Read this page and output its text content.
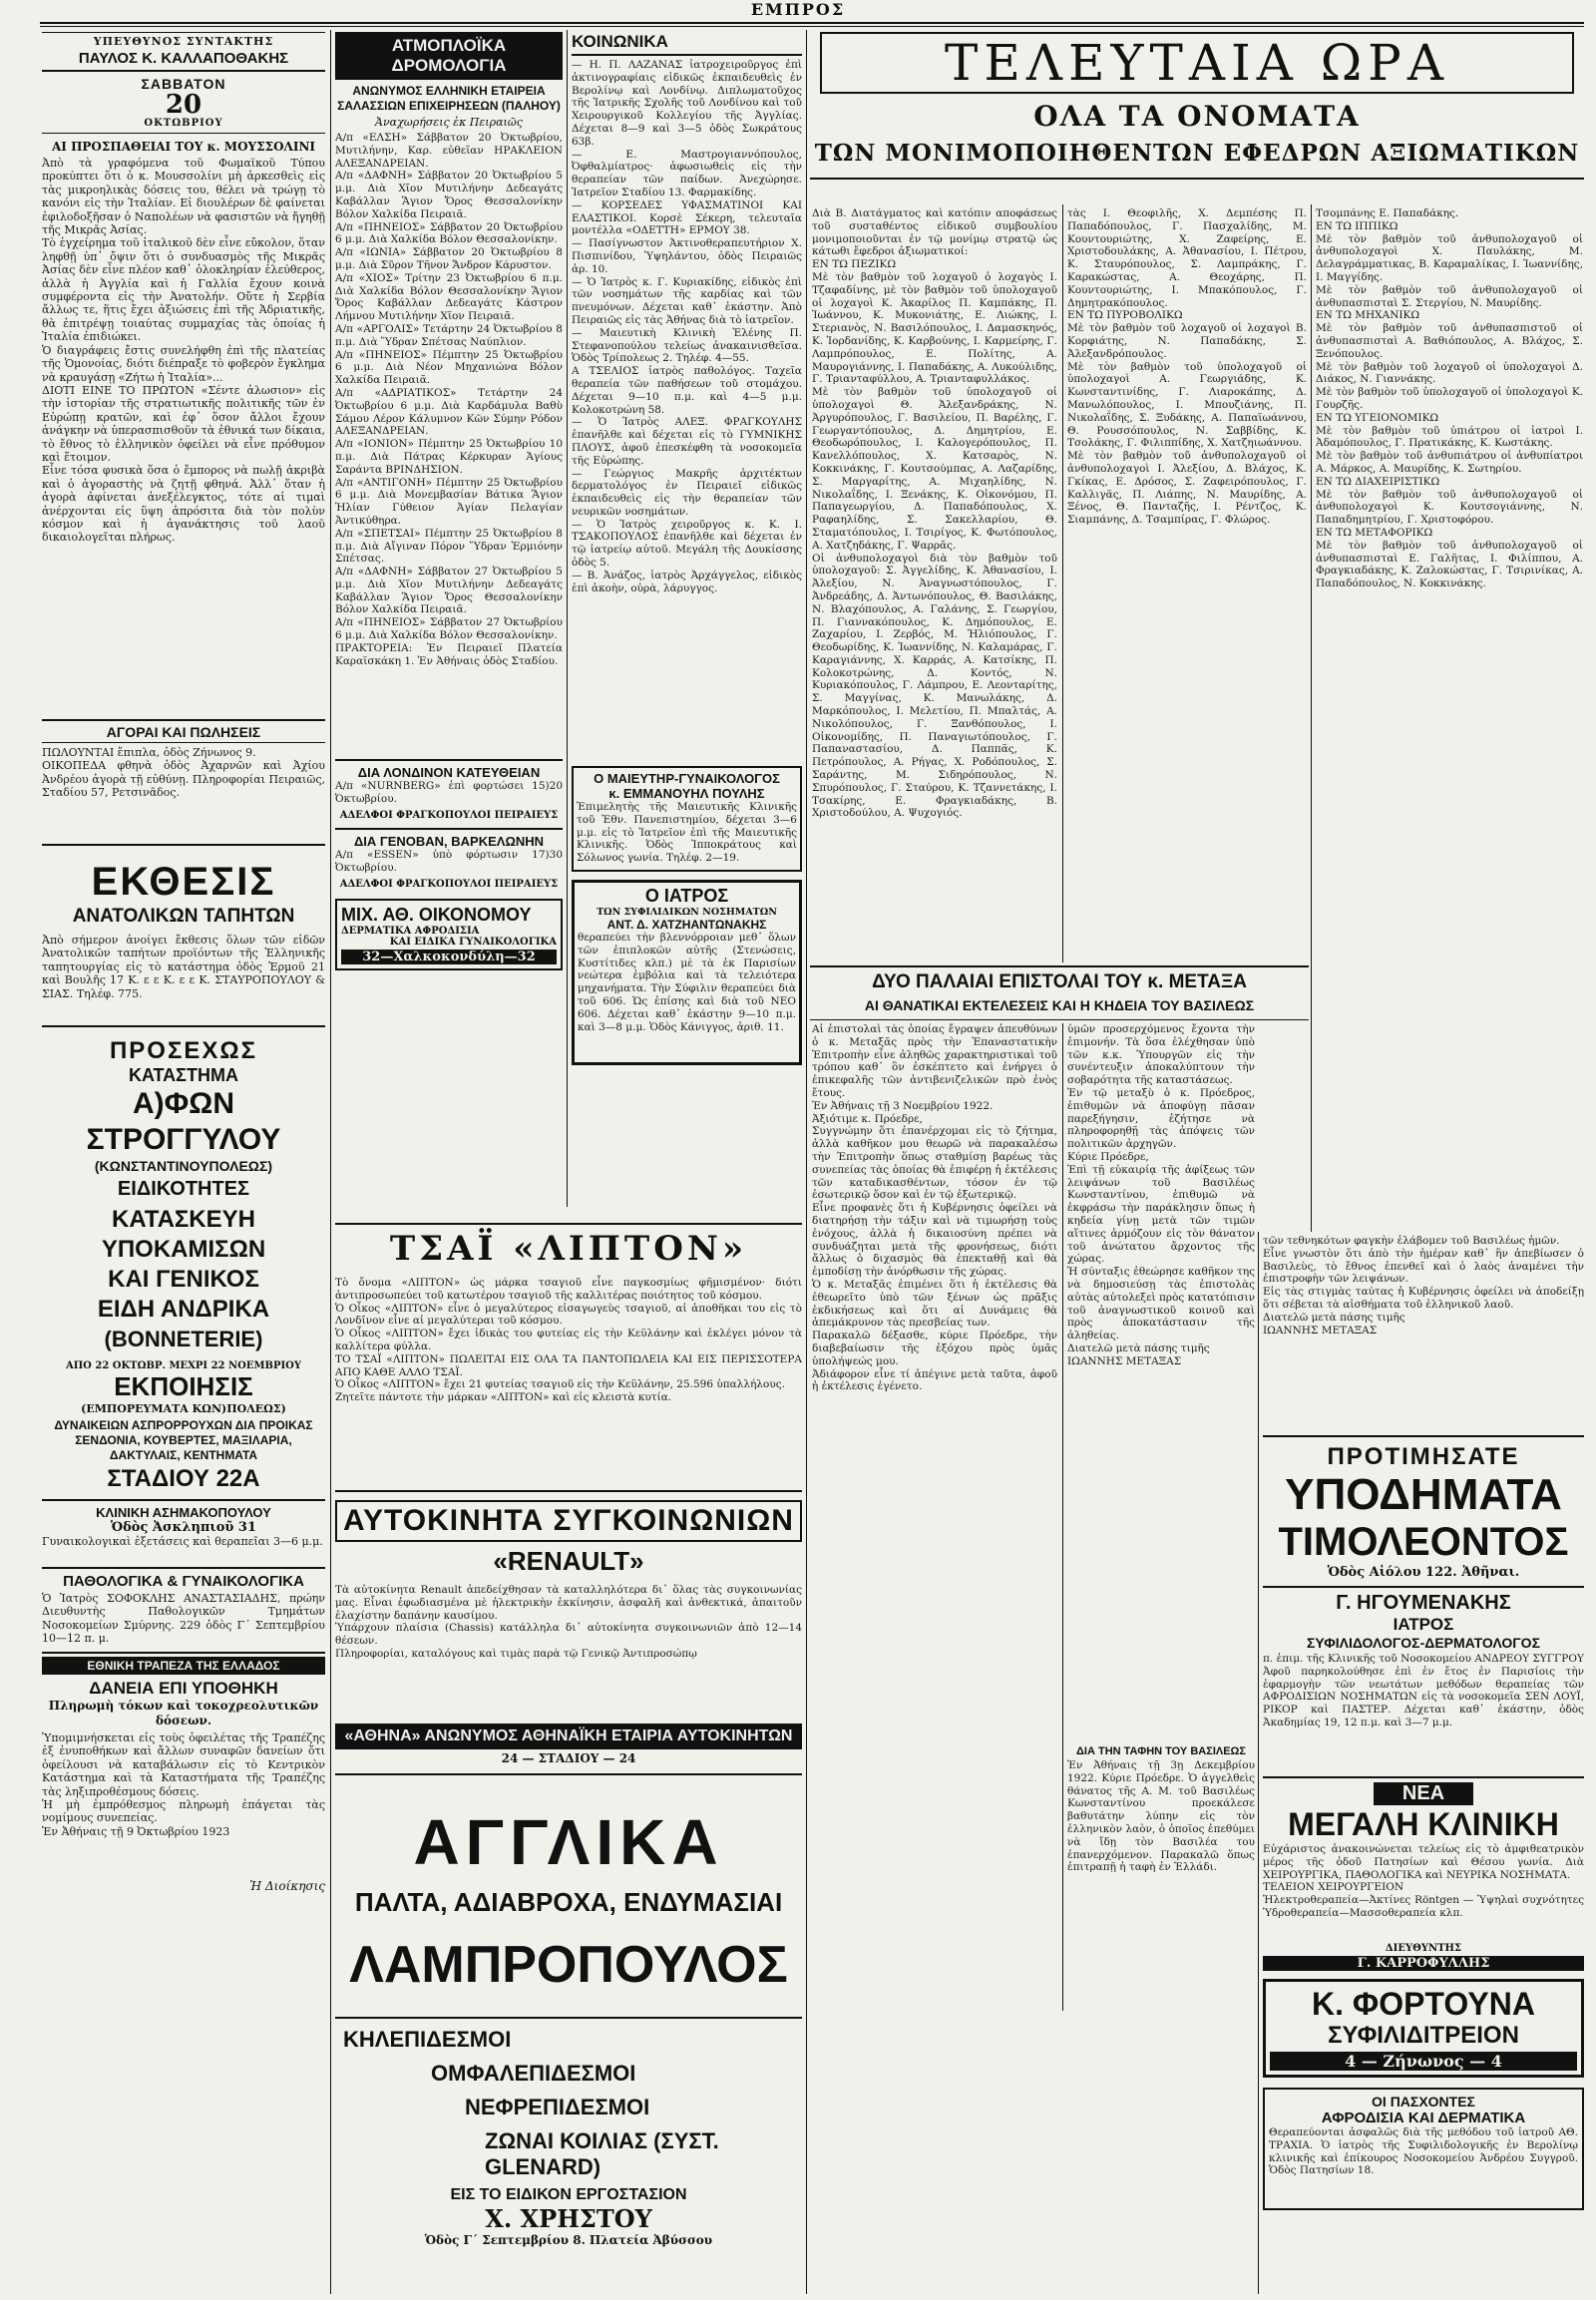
ΕΜΠΡΟΣ
ΥΠΕΥΘΥΝΟΣ ΣΥΝΤΑΚΤΗΣ
ΠΑΥΛΟΣ Κ. ΚΑΛΛΑΠΟΘΑΚΗΣ
ΣΑΒΒΑΤΟΝ
20
ΟΚΤΩΒΡΙΟΥ
ΑΙ ΠΡΟΣΠΑΘΕΙΑΙ ΤΟΥ κ. ΜΟΥΣΣΟΛΙΝΙ
Ἀπὸ τὰ γραφόμενα τοῦ Φωμαϊκοῦ Τύπου προκύπτει ὅτι ὁ κ. Μουσσολίνι μὴ ἀρκεσθεὶς εἰς τὰς μικροηλικὰς δόσεις του, θέλει νὰ τρώγῃ τὸ κανόνι εἰς τὴν Ἰταλίαν. Εἰ διουλέρων δὲ φαίνεται ἐφιλοδοξῆσαν ὁ Ναπολέων νὰ φασιστῶν νὰ ἤγηθῇ τῆς Μικρᾶς Ἀσίας.
Τὸ ἐγχείρημα τοῦ ἰταλικοῦ δὲν εἶνε εὔκολον, ὅταν ληφθῇ ὑπ᾽ ὄψιν ὅτι ὁ συνδυασμὸς τῆς Μικρᾶς Ἀσίας δὲν εἶνε πλέον καθ᾽ ὁλοκληρίαν ἐλεύθερος, ἀλλὰ ἡ Ἀγγλία καὶ ἡ Γαλλία ἔχουν κοινὰ συμφέροντα εἰς τὴν Ἀνατολήν. Οὔτε ἡ Σερβία ἄλλως τε, ἥτις ἔχει ἀξιώσεις ἐπὶ τῆς Ἀδριατικῆς, θὰ ἐπιτρέψῃ τοιαύτας συμμαχίας τὰς ὁποίας ἡ Ἰταλία ἐπιδιώκει.
Ὁ διαγράφεις ἔστις συνελήφθη ἐπὶ τῆς πλατείας τῆς Ὁμονοίας, διότι διέπραξε τὸ φοβερὸν ἔγκλημα νὰ κραυγάσῃ «Ζήτω ἡ Ἰταλία»...
ΔΙΟΤΙ ΕΙΝΕ ΤΟ ΠΡΩΤΟΝ «Σέντε ἀλωσιον» εἰς τὴν ἱστορίαν τῆς στρατιωτικῆς πολιτικῆς τῶν ἐν Εὐρώπῃ κρατῶν, καὶ ἐφ᾽ ὅσον ἄλλοι ἔχουν ἀνάγκην νὰ ὑπερασπισθοῦν τὰ ἐθνικά των δίκαια, τὸ ἔθνος τὸ ἑλληνικὸν ὀφείλει νὰ εἶνε πρόθυμον καὶ ἕτοιμον.
Εἶνε τόσα φυσικὰ ὅσα ὁ ἔμπορος νὰ πωλῇ ἀκριβὰ καὶ ὁ ἀγοραστὴς νὰ ζητῇ φθηνά. Ἀλλ᾽ ὅταν ἡ ἀγορὰ ἀφίνεται ἀνεξέλεγκτος, τότε αἱ τιμαὶ ἀνέρχονται εἰς ὕψη ἀπρόσιτα διὰ τὸν πολὺν κόσμον καὶ ἡ ἀγανάκτησις τοῦ λαοῦ δικαιολογεῖται πλήρως.
ΑΓΟΡΑΙ ΚΑΙ ΠΩΛΗΣΕΙΣ
ΠΩΛΟΥΝΤΑΙ ἔπιπλα, ὁδὸς Ζήνωνος 9.
ΟΙΚΟΠΕΔΑ φθηνὰ ὁδὸς Ἀχαρνῶν καὶ Ἀχίου Ἀνδρέου ἀγορὰ τῇ εὐθύνῃ. Πληροφορίαι Πειραιῶς, Σταδίου 57, Ρετσινᾶδος.
ΕΚΘΕΣΙΣ
ΑΝΑΤΟΛΙΚΩΝ ΤΑΠΗΤΩΝ
Ἀπὸ σήμερον ἀνοίγει ἔκθεσις ὅλων τῶν εἰδῶν Ἀνατολικῶν ταπήτων προϊόντων τῆς Ἑλληνικῆς ταπητουργίας εἰς τὸ κατάστημα ὁδὸς Ἑρμοῦ 21 καὶ Βουλῆς 17 Κ. ε ε Κ. ε ε Κ. ΣΤΑΥΡΟΠΟΥΛΟΥ & ΣΙΑΣ. Τηλέφ. 775.
ΠΡΟΣΕΧΩΣ
ΚΑΤΑΣΤΗΜΑ
Α)ΦΩΝ ΣΤΡΟΓΓΥΛΟΥ
(ΚΩΝΣΤΑΝΤΙΝΟΥΠΟΛΕΩΣ)
ΕΙΔΙΚΟΤΗΤΕΣ
ΚΑΤΑΣΚΕΥΗ
ΥΠΟΚΑΜΙΣΩΝ
ΚΑΙ ΓΕΝΙΚΟΣ
ΕΙΔΗ ΑΝΔΡΙΚΑ
(BONNETERIE)
ΑΠΟ 22 ΟΚΤΩΒΡ. ΜΕΧΡΙ 22 ΝΟΕΜΒΡΙΟΥ
ΕΚΠΟΙΗΣΙΣ
(ΕΜΠΟΡΕΥΜΑΤΑ ΚΩΝ)ΠΟΛΕΩΣ)
ΔΥΝΑΙΚΕΙΩΝ ΑΣΠΡΟΡΡΟΥΧΩΝ ΔΙΑ ΠΡΟΙΚΑΣ ΣΕΝΔΟΝΙΑ, ΚΟΥΒΕΡΤΕΣ, ΜΑΞΙΛΑΡΙΑ, ΔΑΚΤΥΛΑΙΣ, ΚΕΝΤΗΜΑΤΑ
ΣΤΑΔΙΟΥ 22Α
ΚΛΙΝΙΚΗ ΑΣΗΜΑΚΟΠΟΥΛΟΥ
Ὁδὸς Ἀσκληπιοῦ 31
Γυναικολογικαὶ ἐξετάσεις καὶ θεραπεῖαι 3—6 μ.μ.
ΠΑΘΟΛΟΓΙΚΑ & ΓΥΝΑΙΚΟΛΟΓΙΚΑ
Ὁ Ἰατρὸς ΣΟΦΟΚΛΗΣ ΑΝΑΣΤΑΣΙΑΔΗΣ, πρώην Διευθυντὴς Παθολογικῶν Τμημάτων Νοσοκομείων Σμύρνης. 229 ὁδὸς Γ´ Σεπτεμβρίου 10—12 π. μ.
ΕΘΝΙΚΗ ΤΡΑΠΕΖΑ ΤΗΣ ΕΛΛΑΔΟΣ
ΔΑΝΕΙΑ ΕΠΙ ΥΠΟΘΗΚΗ
Πληρωμὴ τόκων καὶ τοκοχρεολυτικῶν δόσεων.
Ὑπομιμνήσκεται εἰς τοὺς ὀφειλέτας τῆς Τραπέζης ἐξ ἐνυποθήκων καὶ ἄλλων συναφῶν δανείων ὅτι ὀφείλουσι νὰ καταβάλωσιν εἰς τὸ Κεντρικὸν Κατάστημα καὶ τὰ Καταστήματα τῆς Τραπέζης τὰς ληξιπροθέσμους δόσεις.
Ἡ μὴ ἐμπρόθεσμος πληρωμὴ ἐπάγεται τὰς νομίμους συνεπείας.
Ἐν Ἀθήναις τῇ 9 Ὀκτωβρίου 1923
Ἡ Διοίκησις
ΑΤΜΟΠΛΟΪΚΑ ΔΡΟΜΟΛΟΓΙΑ
ΑΝΩΝΥΜΟΣ ΕΛΛΗΝΙΚΗ ΕΤΑΙΡΕΙΑ ΣΑΛΑΣΣΙΩΝ ΕΠΙΧΕΙΡΗΣΕΩΝ (ΠΑΛΗΟΥ)
Ἀναχωρήσεις ἐκ Πειραιῶς
Α/π «ΕΛΣΗ» Σάββατον 20 Ὀκτωβρίου, Μυτιλήνην, Καρ. εὐθεῖαν ΗΡΑΚΛΕΙΟΝ ΑΛΕΞΑΝΔΡΕΙΑΝ.
Α/π «ΔΑΦΝΗ» Σάββατον 20 Ὀκτωβρίου 5 μ.μ. Διὰ Χῖον Μυτιλήνην Δεδεαγάτς Καβάλλαν Ἅγιον Ὄρος Θεσσαλονίκην Βόλον Χαλκίδα Πειραιᾶ.
Α/π «ΠΗΝΕΙΟΣ» Σάββατον 20 Ὀκτωβρίου 6 μ.μ. Διὰ Χαλκίδα Βόλον Θεσσαλονίκην.
Α/π «ΙΩΝΙΑ» Σάββατον 20 Ὀκτωβρίου 8 μ.μ. Διὰ Σῦρον Τῆνον Ἄνδρον Κάρυστον.
Α/π «ΧΙΟΣ» Τρίτην 23 Ὀκτωβρίου 6 π.μ. Διὰ Χαλκίδα Βόλον Θεσσαλονίκην Ἅγιον Ὄρος Καβάλλαν Δεδεαγάτς Κάστρον Λήμνου Μυτιλήνην Χῖον Πειραιᾶ.
Α/π «ΑΡΓΟΛΙΣ» Τετάρτην 24 Ὀκτωβρίου 8 π.μ. Διὰ Ὕδραν Σπέτσας Ναύπλιον.
Α/π «ΠΗΝΕΙΟΣ» Πέμπτην 25 Ὀκτωβρίου 6 μ.μ. Διὰ Νέον Μηχανιώνα Βόλον Χαλκίδα Πειραιᾶ.
Α/π «ΑΔΡΙΑΤΙΚΟΣ» Τετάρτην 24 Ὀκτωβρίου 6 μ.μ. Διὰ Καρδάμυλα Βαθὺ Σάμου Λέρον Κάλυμνον Κῶν Σύμην Ρόδον ΑΛΕΞΑΝΔΡΕΙΑΝ.
Α/π «ΙΟΝΙΟΝ» Πέμπτην 25 Ὀκτωβρίου 10 π.μ. Διὰ Πάτρας Κέρκυραν Ἁγίους Σαράντα ΒΡΙΝΔΗΣΙΟΝ.
Α/π «ΑΝΤΙΓΟΝΗ» Πέμπτην 25 Ὀκτωβρίου 6 μ.μ. Διὰ Μονεμβασίαν Βάτικα Ἅγιον Ἠλίαν Γύθειον Ἀγίαν Πελαγίαν Ἀντικύθηρα.
Α/π «ΣΠΕΤΣΑΙ» Πέμπτην 25 Ὀκτωβρίου 8 π.μ. Διὰ Αἴγιναν Πόρον Ὕδραν Ἑρμιόνην Σπέτσας.
Α/π «ΔΑΦΝΗ» Σάββατον 27 Ὀκτωβρίου 5 μ.μ. Διὰ Χῖον Μυτιλήνην Δεδεαγάτς Καβάλλαν Ἅγιον Ὄρος Θεσσαλονίκην Βόλον Χαλκίδα Πειραιᾶ.
Α/π «ΠΗΝΕΙΟΣ» Σάββατον 27 Ὀκτωβρίου 6 μ.μ. Διὰ Χαλκίδα Βόλον Θεσσαλονίκην.
ΠΡΑΚΤΟΡΕΙΑ: Ἐν Πειραιεῖ Πλατεία Καραϊσκάκη 1. Ἐν Ἀθήναις ὁδὸς Σταδίου.
ΔΙΑ ΛΟΝΔΙΝΟΝ ΚΑΤΕΥΘΕΙΑΝ
Α/π «NURNBERG» ἐπὶ φορτώσει 15)20 Ὀκτωβρίου.
ΑΔΕΛΦΟΙ ΦΡΑΓΚΟΠΟΥΛΟΙ ΠΕΙΡΑΙΕΥΣ
ΔΙΑ ΓΕΝΟΒΑΝ, ΒΑΡΚΕΛΩΝΗΝ
Α/π «ESSEN» ὑπὸ φόρτωσιν 17)30 Ὀκτωβρίου.
ΑΔΕΛΦΟΙ ΦΡΑΓΚΟΠΟΥΛΟΙ ΠΕΙΡΑΙΕΥΣ
ΜΙΧ. ΑΘ. ΟΙΚΟΝΟΜΟΥ
ΔΕΡΜΑΤΙΚΑ ΑΦΡΟΔΙΣΙΑ
ΚΑΙ ΕΙΔΙΚΑ ΓΥΝΑΙΚΟΛΟΓΙΚΑ
32—Χαλκοκονδύλη—32
ΚΟΙΝΩΝΙΚΑ
— Η. Π. ΛΑΖΑΝΑΣ ἰατροχειροῦργος ἐπὶ ἀκτινογραφίαις εἰδικῶς ἐκπαιδευθεὶς ἐν Βερολίνῳ καὶ Λονδίνῳ. Διπλωματοῦχος τῆς Ἰατρικῆς Σχολῆς τοῦ Λονδίνου καὶ τοῦ Χειρουργικοῦ Κολλεγίου τῆς Ἀγγλίας. Δέχεται 8—9 καὶ 3—5 ὁδὸς Σωκράτους 63β.
— Ε. Μαστρογιαννόπουλος, Ὀφθαλμίατρος· ἀφωσιωθεὶς εἰς τὴν θεραπείαν τῶν παίδων. Ἀνεχώρησε. Ἰατρεῖον Σταδίου 13. Φαρμακίδης.
— ΚΟΡΣΕΔΕΣ ΥΦΑΣΜΑΤΙΝΟΙ ΚΑΙ ΕΛΑΣΤΙΚΟΙ. Κορσὲ Σέκερη, τελευταῖα μοντέλλα «ΟΔΕΤΤΗ» ΕΡΜΟΥ 38.
— Πασίγνωστον Ἀκτινοθεραπευτήριον Χ. Πισπινίδου, Ὑψηλάντου, ὁδὸς Πειραιῶς ἀρ. 10.
— Ὁ Ἰατρὸς κ. Γ. Κυριακίδης, εἰδικὸς ἐπὶ τῶν νοσημάτων τῆς καρδίας καὶ τῶν πνευμόνων. Δέχεται καθ᾽ ἑκάστην. Ἀπὸ Πειραιῶς εἰς τὰς Ἀθήνας διὰ τὸ ἰατρεῖον.
— Μαιευτικὴ Κλινικὴ Ἑλένης Π. Στεφανοπούλου τελείως ἀνακαινισθεῖσα. Ὁδὸς Τρίπολεως 2. Τηλέφ. 4—55.
Α ΤΣΕΛΙΟΣ ἰατρὸς παθολόγος. Ταχεῖα θεραπεία τῶν παθήσεων τοῦ στομάχου. Δέχεται 9—10 π.μ. καὶ 4—5 μ.μ. Κολοκοτρώνη 58.
— Ὁ Ἰατρὸς ΑΛΕΞ. ΦΡΑΓΚΟΥΛΗΣ ἐπανῆλθε καὶ δέχεται εἰς τὸ ΓΥΜΝΙΚΗΣ ΠΛΟΥΣ, ἀφοῦ ἐπεσκέφθη τὰ νοσοκομεῖα τῆς Εὐρώπης.
— Γεώργιος Μακρῆς ἀρχιτέκτων δερματολόγος ἐν Πειραιεῖ εἰδικῶς ἐκπαιδευθεὶς εἰς τὴν θεραπείαν τῶν νευρικῶν νοσημάτων.
— Ὁ Ἰατρὸς χειροῦργος κ. Κ. Ι. ΤΣΑΚΟΠΟΥΛΟΣ ἐπανῆλθε καὶ δέχεται ἐν τῷ ἰατρείῳ αὐτοῦ. Μεγάλη τῆς Δουκίσσης ὁδὸς 5.
— Β. Ἀνάζος, ἰατρὸς Ἀρχάγγελος, εἰδικὸς ἐπὶ ἀκοὴν, οὐρὰ, λάρυγγος.
Ο ΜΑΙΕΥΤΗΡ-ΓΥΝΑΙΚΟΛΟΓΟΣ
κ. ΕΜΜΑΝΟΥΗΛ ΠΟΥΛΗΣ
Ἐπιμελητὴς τῆς Μαιευτικῆς Κλινικῆς τοῦ Ἐθν. Πανεπιστημίου, δέχεται 3—6 μ.μ. εἰς τὸ Ἰατρεῖον ἐπὶ τῆς Μαιευτικῆς Κλινικῆς. Ὁδὸς Ἱπποκράτους καὶ Σόλωνος γωνία. Τηλέφ. 2—19.
Ο ΙΑΤΡΟΣ
ΤΩΝ ΣΥΦΙΛΙΔΙΚΩΝ ΝΟΣΗΜΑΤΩΝ
ΑΝΤ. Δ. ΧΑΤΖΗΑΝΤΩΝΑΚΗΣ
θεραπεύει τὴν βλεννόρροιαν μεθ᾽ ὅλων τῶν ἐπιπλοκῶν αὐτῆς (Στενώσεις, Κυστίτιδες κλπ.) μὲ τὰ ἐκ Παρισίων νεώτερα ἐμβόλια καὶ τὰ τελειότερα μηχανήματα. Τὴν Σύφιλιν θεραπεύει διὰ τοῦ 606. Ὡς ἐπίσης καὶ διὰ τοῦ ΝΕΟ 606. Δέχεται καθ᾽ ἑκάστην 9—10 π.μ. καὶ 3—8 μ.μ. Ὁδὸς Κάνιγγος, ἀριθ. 11.
ΤΕΛΕΥΤΑΙΑ ΩΡΑ
ΟΛΑ ΤΑ ΟΝΟΜΑΤΑ
ΤΩΝ ΜΟΝΙΜΟΠΟΙΗΘΕΝΤΩΝ ΕΦΕΔΡΩΝ ΑΞΙΩΜΑΤΙΚΩΝ
Διὰ Β. Διατάγματος καὶ κατόπιν αποφάσεως τοῦ συσταθέντος εἰδικοῦ συμβουλίου μονιμοποιοῦνται ἐν τῷ μονίμῳ στρατῷ ὡς κάτωθι ἔφεδροι ἀξιωματικοί:
ΕΝ ΤΩ ΠΕΖΙΚΩ
Μὲ τὸν βαθμὸν τοῦ λοχαγοῦ ὁ λοχαγὸς Ι. Τζαφαδίνης, μὲ τὸν βαθμὸν τοῦ ὑπολοχαγοῦ οἱ λοχαγοὶ Κ. Ἀκαρίλος Π. Καμπάκης, Π. Ἰωάννου, Κ. Μυκονιάτης, Ε. Λιώκης, Ι. Στεριανὸς, Ν. Βασιλόπουλος, Ι. Δαμασκηνός, Κ. Ἰορδανίδης, Κ. Καρβούνης, Ι. Καρμείρης, Γ. Λαμπρόπουλος, Ε. Πολίτης, Α. Μαυρογιάννης, Ι. Παπαδάκης, Α. Λυκούλιδης, Γ. Τριανταφύλλου, Α. Τριανταφυλλάκος.
Μὲ τὸν βαθμὸν τοῦ ὑπολοχαγοῦ οἱ ὑπολοχαγοὶ Θ. Ἀλεξανδράκης, Ν. Ἀργυρόπουλος, Γ. Βασιλείου, Π. Βαρέλης, Γ. Γεωργαντόπουλος, Δ. Δημητρίου, Ε. Θεοδωρόπουλος, Ι. Καλογερόπουλος, Π. Κανελλόπουλος, Χ. Κατσαρὸς, Ν. Κοκκινάκης, Γ. Κουτσούμπας, Α. Λαζαρίδης, Σ. Μαργαρίτης, Α. Μιχαηλίδης, Ν. Νικολαΐδης, Ι. Ξενάκης, Κ. Οἰκονόμου, Π. Παπαγεωργίου, Δ. Παπαδόπουλος, Χ. Ραφαηλίδης, Σ. Σακελλαρίου, Θ. Σταματόπουλος, Ι. Τσιρίγος, Κ. Φωτόπουλος, Α. Χατζηδάκης, Γ. Ψαρρᾶς.
Οἱ ἀνθυπολοχαγοὶ διὰ τὸν βαθμὸν τοῦ ὑπολοχαγοῦ: Σ. Ἀγγελίδης, Κ. Ἀθανασίου, Ι. Ἀλεξίου, Ν. Ἀναγνωστόπουλος, Γ. Ἀνδρεάδης, Δ. Ἀντωνόπουλος, Θ. Βασιλάκης, Ν. Βλαχόπουλος, Α. Γαλάνης, Σ. Γεωργίου, Π. Γιαννακόπουλος, Κ. Δημόπουλος, Ε. Ζαχαρίου, Ι. Ζερβός, Μ. Ἠλιόπουλος, Γ. Θεοδωρίδης, Κ. Ἰωαννίδης, Ν. Καλαμάρας, Γ. Καραγιάννης, Χ. Καρράς, Α. Κατσίκης, Π. Κολοκοτρώνης, Δ. Κοντός, Ν. Κυριακόπουλος, Γ. Λάμπρου, Ε. Λεονταρίτης, Σ. Μαγγίνας, Κ. Μανωλάκης, Δ. Μαρκόπουλος, Ι. Μελετίου, Π. Μπαλτάς, Α. Νικολόπουλος, Γ. Ξανθόπουλος, Ι. Οἰκονομίδης, Π. Παναγιωτόπουλος, Γ. Παπαναστασίου, Δ. Παππᾶς, Κ. Πετρόπουλος, Α. Ρήγας, Χ. Ροδόπουλος, Σ. Σαράντης, Μ. Σιδηρόπουλος, Ν. Σπυρόπουλος, Γ. Σταύρου, Κ. Τζαννετάκης, Ι. Τσακίρης, Ε. Φραγκιαδάκης, Β. Χριστοδούλου, Α. Ψυχογιός.
τὰς Ι. Θεοφιλῆς, Χ. Δεμπέσης Π. Παπαδόπουλος, Γ. Πασχαλίδης, Μ. Κουντουριώτης, Χ. Ζαφείρης, Ε. Χριστοδουλάκης, Α. Ἀθανασίου, Ι. Πέτρου, Κ. Σταυρόπουλος, Σ. Λαμπράκης, Γ. Καρακώστας, Α. Θεοχάρης, Π. Κουντουριώτης, Ι. Μπακόπουλος, Γ. Δημητρακόπουλος.
ΕΝ ΤΩ ΠΥΡΟΒΟΛΙΚΩ
Μὲ τὸν βαθμὸν τοῦ λοχαγοῦ οἱ λοχαγοὶ Β. Κορφιάτης, Ν. Παπαδάκης, Σ. Ἀλεξανδρόπουλος.
Μὲ τὸν βαθμὸν τοῦ ὑπολοχαγοῦ οἱ ὑπολοχαγοὶ Α. Γεωργιάδης, Κ. Κωνσταντινίδης, Γ. Λιαροκάπης, Δ. Μανωλόπουλος, Ι. Μπουζιάνης, Π. Νικολαΐδης, Σ. Ξυδάκης, Α. Παπαϊωάννου, Θ. Ρουσσόπουλος, Ν. Σαββίδης, Κ. Τσολάκης, Γ. Φιλιππίδης, Χ. Χατζηιωάννου.
Μὲ τὸν βαθμὸν τοῦ ἀνθυπολοχαγοῦ οἱ ἀνθυπολοχαγοὶ Ι. Ἀλεξίου, Δ. Βλάχος, Κ. Γκίκας, Ε. Δρόσος, Σ. Ζαφειρόπουλος, Γ. Καλλιγᾶς, Π. Λιάπης, Ν. Μαυρίδης, Α. Ξένος, Θ. Πανταζῆς, Ι. Ρέντζος, Κ. Σιαμπάνης, Δ. Τσαμπίρας, Γ. Φλώρος.
Τσομπάνης Ε. Παπαδάκης.
ΕΝ ΤΩ ΙΠΠΙΚΩ
Μὲ τὸν βαθμὸν τοῦ ἀνθυπολοχαγοῦ οἱ ἀνθυπολοχαγοὶ Χ. Παυλάκης, Μ. Δελαγράμματικας, Β. Καραμαλίκας, Ι. Ἰωαννίδης, Ι. Μαγγίδης.
Μὲ τὸν βαθμὸν τοῦ ἀνθυπολοχαγοῦ οἱ ἀνθυπασπισταὶ Σ. Στεργίου, Ν. Μαυρίδης.
ΕΝ ΤΩ ΜΗΧΑΝΙΚΩ
Μὲ τὸν βαθμὸν τοῦ ἀνθυπασπιστοῦ οἱ ἀνθυπασπισταὶ Α. Βαθιόπουλος, Α. Βλάχος, Σ. Ξενόπουλος.
Μὲ τὸν βαθμὸν τοῦ λοχαγοῦ οἱ ὑπολοχαγοὶ Δ. Διάκος, Ν. Γιαννάκης.
Μὲ τὸν βαθμὸν τοῦ ὑπολοχαγοῦ οἱ ὑπολοχαγοὶ Κ. Γουρζῆς.
ΕΝ ΤΩ ΥΓΕΙΟΝΟΜΙΚΩ
Μὲ τὸν βαθμὸν τοῦ ὑπιάτρου οἱ ἰατροὶ Ι. Ἀδαμόπουλος, Γ. Πρατικάκης, Κ. Κωστάκης.
Μὲ τὸν βαθμὸν τοῦ ἀνθυπιάτρου οἱ ἀνθυπίατροι Α. Μάρκος, Α. Μαυρίδης, Κ. Σωτηρίου.
ΕΝ ΤΩ ΔΙΑΧΕΙΡΙΣΤΙΚΩ
Μὲ τὸν βαθμὸν τοῦ ἀνθυπολοχαγοῦ οἱ ἀνθυπολοχαγοὶ Κ. Κουτσογιάννης, Ν. Παπαδημητρίου, Γ. Χριστοφόρου.
ΕΝ ΤΩ ΜΕΤΑΦΟΡΙΚΩ
Μὲ τὸν βαθμὸν τοῦ ἀνθυπολοχαγοῦ οἱ ἀνθυπασπισταὶ Ε. Γαλῆτας, Ι. Φιλίππου, Α. Φραγκιαδάκης, Κ. Ζαλοκώστας, Γ. Τσιρινίκας, Α. Παπαδόπουλος, Ν. Κοκκινάκης.
ΔΥΟ ΠΑΛΑΙΑΙ ΕΠΙΣΤΟΛΑΙ ΤΟΥ κ. ΜΕΤΑΞΑ
ΑΙ ΘΑΝΑΤΙΚΑΙ ΕΚΤΕΛΕΣΕΙΣ ΚΑΙ Η ΚΗΔΕΙΑ ΤΟΥ ΒΑΣΙΛΕΩΣ
Αἱ ἐπιστολαὶ τὰς ὁποίας ἔγραψεν ἀπευθύνων ὁ κ. Μεταξᾶς πρὸς τὴν Ἐπαναστατικὴν Ἐπιτροπὴν εἶνε ἀληθῶς χαρακτηριστικαὶ τοῦ τρόπου καθ᾽ ὃν ἐσκέπτετο καὶ ἐνήργει ὁ ἐπικεφαλῆς τῶν ἀντιβενιζελικῶν πρὸ ἐνὸς ἔτους.
Ἐν Ἀθήναις τῇ 3 Νοεμβρίου 1922.
Ἀξιότιμε κ. Πρόεδρε,
Συγγνώμην ὅτι ἐπανέρχομαι εἰς τὸ ζήτημα, ἀλλὰ καθῆκον μου θεωρῶ νὰ παρακαλέσω τὴν Ἐπιτροπὴν ὅπως σταθμίσῃ βαρέως τὰς συνεπείας τὰς ὁποίας θὰ ἐπιφέρῃ ἡ ἐκτέλεσις τῶν καταδικασθέντων, τόσον ἐν τῷ ἐσωτερικῷ ὅσον καὶ ἐν τῷ ἐξωτερικῷ.
Εἶνε προφανὲς ὅτι ἡ Κυβέρνησις ὀφείλει νὰ διατηρήσῃ τὴν τάξιν καὶ νὰ τιμωρήσῃ τοὺς ἐνόχους, ἀλλὰ ἡ δικαιοσύνη πρέπει νὰ συνδυάζηται μετὰ τῆς φρονήσεως, διότι ἄλλως ὁ διχασμὸς θὰ ἐπεκταθῇ καὶ θὰ ἐμποδίσῃ τὴν ἀνόρθωσιν τῆς χώρας.
Ὁ κ. Μεταξᾶς ἐπιμένει ὅτι ἡ ἐκτέλεσις θὰ ἐθεωρεῖτο ὑπὸ τῶν ξένων ὡς πρᾶξις ἐκδικήσεως καὶ ὅτι αἱ Δυνάμεις θὰ ἀπεμάκρυνον τὰς πρεσβείας των.
Παρακαλῶ δέξασθε, κύριε Πρόεδρε, τὴν διαβεβαίωσιν τῆς ἐξόχου πρὸς ὑμᾶς ὑπολήψεώς μου.
Ἀδιάφορον εἶνε τί ἀπέγινε μετὰ ταῦτα, ἀφοῦ ἡ ἐκτέλεσις ἐγένετο.
ὑμῶν προσερχόμενος ἔχοντα τὴν ἐπιμονήν. Τὰ ὅσα ἐλέχθησαν ὑπὸ τῶν κ.κ. Ὑπουργῶν εἰς τὴν συνέντευξιν ἀποκαλύπτουν τὴν σοβαρότητα τῆς καταστάσεως.
Ἐν τῷ μεταξὺ ὁ κ. Πρόεδρος, ἐπιθυμῶν νὰ ἀποφύγῃ πᾶσαν παρεξήγησιν, ἐζήτησε νὰ πληροφορηθῇ τὰς ἀπόψεις τῶν πολιτικῶν ἀρχηγῶν.
Κύριε Πρόεδρε,
Ἐπὶ τῇ εὐκαιρίᾳ τῆς ἀφίξεως τῶν λειψάνων τοῦ Βασιλέως Κωνσταντίνου, ἐπιθυμῶ νὰ ἐκφράσω τὴν παράκλησιν ὅπως ἡ κηδεία γίνῃ μετὰ τῶν τιμῶν αἵτινες ἁρμόζουν εἰς τὸν θάνατον τοῦ ἀνώτατου ἄρχοντος τῆς χώρας.
Ἡ σύνταξις ἐθεώρησε καθῆκον της νὰ δημοσιεύσῃ τὰς ἐπιστολὰς αὐτὰς αὐτολεξεὶ πρὸς κατατόπισιν τοῦ ἀναγνωστικοῦ κοινοῦ καὶ πρὸς ἀποκατάστασιν τῆς ἀληθείας.
Διατελῶ μετὰ πάσης τιμῆς
ΙΩΑΝΝΗΣ ΜΕΤΑΞΑΣ
ΔΙΑ ΤΗΝ ΤΑΦΗΝ ΤΟΥ ΒΑΣΙΛΕΩΣ
Ἐν Ἀθήναις τῇ 3ῃ Δεκεμβρίου 1922. Κύριε Πρόεδρε. Ὁ ἀγγελθεὶς θάνατος τῆς Α. Μ. τοῦ Βασιλέως Κωνσταντίνου προεκάλεσε βαθυτάτην λύπην εἰς τὸν ἑλληνικὸν λαὸν, ὁ ὁποῖος ἐπεθύμει νὰ ἴδῃ τὸν Βασιλέα του ἐπανερχόμενον. Παρακαλῶ ὅπως ἐπιτραπῇ ἡ ταφὴ ἐν Ἑλλάδι.
τῶν τεθνηκότων φαγκὴν ἐλάβομεν τοῦ Βασιλέως ἡμῶν.
Εἶνε γνωστὸν ὅτι ἀπὸ τὴν ἡμέραν καθ᾽ ἣν ἀπεβίωσεν ὁ Βασιλεὺς, τὸ ἔθνος ἐπενθεῖ καὶ ὁ λαὸς ἀναμένει τὴν ἐπιστροφὴν τῶν λειψάνων.
Εἰς τὰς στιγμὰς ταύτας ἡ Κυβέρνησις ὀφείλει νὰ ἀποδείξῃ ὅτι σέβεται τὰ αἰσθήματα τοῦ ἑλληνικοῦ λαοῦ.
Διατελῶ μετὰ πάσης τιμῆς
ΙΩΑΝΝΗΣ ΜΕΤΑΞΑΣ
ΠΡΟΤΙΜΗΣΑΤΕ
ΥΠΟΔΗΜΑΤΑ
ΤΙΜΟΛΕΟΝΤΟΣ
Ὁδὸς Αἰόλου 122. Ἀθῆναι.
Γ. ΗΓΟΥΜΕΝΑΚΗΣ
ΙΑΤΡΟΣ
ΣΥΦΙΛΙΔΟΛΟΓΟΣ-ΔΕΡΜΑΤΟΛΟΓΟΣ
π. ἐπιμ. τῆς Κλινικῆς τοῦ Νοσοκομείου ΑΝΔΡΕΟΥ ΣΥΓΓΡΟΥ
Ἀφοῦ παρηκολούθησε ἐπὶ ἐν ἔτος ἐν Παρισίοις τὴν ἐφαρμογὴν τῶν νεωτάτων μεθόδων θεραπείας τῶν ΑΦΡΟΔΙΣΙΩΝ ΝΟΣΗΜΑΤΩΝ εἰς τὰ νοσοκομεῖα ΣΕΝ ΛΟΥΪ, ΡΙΚΟΡ καὶ ΠΑΣΤΕΡ. Δέχεται καθ᾽ ἑκάστην, ὁδὸς Ἀκαδημίας 19, 12 π.μ. καὶ 3—7 μ.μ.
ΝΕΑ
ΜΕΓΑΛΗ ΚΛΙΝΙΚΗ
Εὐχάριστος ἀνακοινώνεται τελείως εἰς τὸ ἀμφιθεατρικὸν μέρος τῆς ὁδοῦ Πατησίων καὶ Θέσου γωνία. Διὰ ΧΕΙΡΟΥΡΓΙΚΑ, ΠΑΘΟΛΟΓΙΚΑ καὶ ΝΕΥΡΙΚΑ ΝΟΣΗΜΑΤΑ.
ΤΕΛΕΙΟΝ ΧΕΙΡΟΥΡΓΕΙΟΝ
Ἠλεκτροθεραπεία—Ἀκτίνες Röntgen — Ὑψηλαὶ συχνότητες Ὑδροθεραπεία—Μασσοθεραπεία κλπ.
ΔΙΕΥΘΥΝΤΗΣ
Γ. ΚΑΡΡΟΦΥΛΛΗΣ
Κ. ΦΟΡΤΟΥΝΑ
ΣΥΦΙΛΙΔΙΤΡΕΙΟΝ
4 — Ζήνωνος — 4
ΟΙ ΠΑΣΧΟΝΤΕΣ
ΑΦΡΟΔΙΣΙΑ ΚΑΙ ΔΕΡΜΑΤΙΚΑ
Θεραπεύονται ἀσφαλῶς διὰ τῆς μεθόδου τοῦ ἰατροῦ ΑΘ. ΤΡΑΧΙΑ. Ὁ ἰατρὸς τῆς Συφιλιδολογικῆς ἐν Βερολίνῳ κλινικῆς καὶ ἐπίκουρος Νοσοκομείου Ἀνδρέου Συγγροῦ. Ὁδὸς Πατησίων 18.
ΤΣΑΪ «ΛΙΠΤΟΝ»
Τὸ ὄνομα «ΛΙΠΤΟΝ» ὡς μάρκα τσαγιοῦ εἶνε παγκοσμίως φῆμισμένον· διότι ἀντιπροσωπεύει τοῦ κατωτέρου τσαγιοῦ τῆς καλλιτέρας ποιότητος τοῦ κόσμου.
Ὁ Οἶκος «ΛΙΠΤΟΝ» εἶνε ὁ μεγαλύτερος εἰσαγωγεὺς τσαγιοῦ, αἱ ἀποθῆκαι του εἰς τὸ Λονδῖνον εἶνε αἱ μεγαλύτεραι τοῦ κόσμου.
Ὁ Οἶκος «ΛΙΠΤΟΝ» ἔχει ἰδικὰς του φυτείας εἰς τὴν Κεϋλάνην καὶ ἐκλέγει μόνον τὰ καλλίτερα φύλλα.
ΤΟ ΤΣΑΪ «ΛΙΠΤΟΝ» ΠΩΛΕΙΤΑΙ ΕΙΣ ΟΛΑ ΤΑ ΠΑΝΤΟΠΩΛΕΙΑ ΚΑΙ ΕΙΣ ΠΕΡΙΣΣΟΤΕΡΑ ΑΠΟ ΚΑΘΕ ΑΛΛΟ ΤΣΑΪ.
Ὁ Οἶκος «ΛΙΠΤΟΝ» ἔχει 21 φυτείας τσαγιοῦ εἰς τὴν Κεϋλάνην, 25.596 ὑπαλλήλους.
Ζητεῖτε πάντοτε τὴν μάρκαν «ΛΙΠΤΟΝ» καὶ εἰς κλειστὰ κυτία.
ΑΥΤΟΚΙΝΗΤΑ ΣΥΓΚΟΙΝΩΝΙΩΝ
«RENAULT»
Τὰ αὐτοκίνητα Renault ἀπεδείχθησαν τὰ καταλληλότερα δι᾽ ὅλας τὰς συγκοινωνίας μας. Εἶναι ἐφωδιασμένα μὲ ἠλεκτρικὴν ἐκκίνησιν, ἀσφαλῆ καὶ ἀνθεκτικά, ἀπαιτοῦν ἐλαχίστην δαπάνην καυσίμου.
Ὑπάρχουν πλαίσια (Chassis) κατάλληλα δι᾽ αὐτοκίνητα συγκοινωνιῶν ἀπὸ 12—14 θέσεων.
Πληροφορίαι, καταλόγους καὶ τιμὰς παρὰ τῷ Γενικῷ Ἀντιπροσώπῳ
«ΑΘΗΝΑ» ΑΝΩΝΥΜΟΣ ΑΘΗΝΑΪΚΗ ΕΤΑΙΡΙΑ ΑΥΤΟΚΙΝΗΤΩΝ
24 — ΣΤΑΔΙΟΥ — 24
ΑΓΓΛΙΚΑ
ΠΑΛΤΑ, ΑΔΙΑΒΡΟΧΑ, ΕΝΔΥΜΑΣΙΑΙ
ΛΑΜΠΡΟΠΟΥΛΟΣ
ΚΗΛΕΠΙΔΕΣΜΟΙ
ΟΜΦΑΛΕΠΙΔΕΣΜΟΙ
ΝΕΦΡΕΠΙΔΕΣΜΟΙ
ΖΩΝΑΙ ΚΟΙΛΙΑΣ (ΣΥΣΤ. GLENARD)
ΕΙΣ ΤΟ ΕΙΔΙΚΟΝ ΕΡΓΟΣΤΑΣΙΟΝ
Χ. ΧΡΗΣΤΟΥ
Ὁδὸς Γ´ Σεπτεμβρίου 8. Πλατεία Ἀβύσσου
